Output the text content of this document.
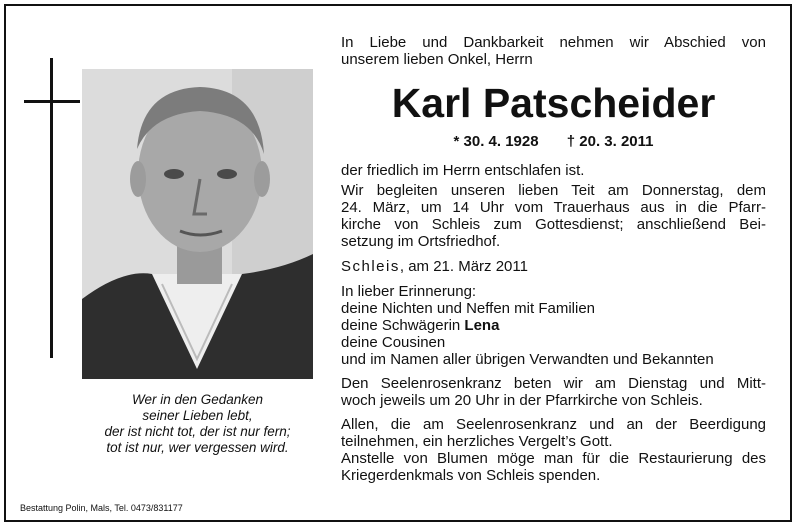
Wer in den Gedanken
seiner Lieben lebt,
der ist nicht tot, der ist nur fern;
tot ist nur, wer vergessen wird.
Bestattung Polin, Mals, Tel. 0473/831177
In Liebe und Dankbarkeit nehmen wir Abschied von
unserem lieben Onkel, Herrn
Karl Patscheider
* 30. 4. 1928 † 20. 3. 2011
der friedlich im Herrn entschlafen ist.
Wir begleiten unseren lieben Teit am Donnerstag, dem
24. März, um 14 Uhr vom Trauerhaus aus in die Pfarr-
kirche von Schleis zum Gottesdienst; anschließend Bei-
setzung im Ortsfriedhof.
Schleis, am 21. März 2011
In lieber Erinnerung:
deine Nichten und Neffen mit Familien
deine Schwägerin Lena
deine Cousinen
und im Namen aller übrigen Verwandten und Bekannten
Den Seelenrosenkranz beten wir am Dienstag und Mitt-
woch jeweils um 20 Uhr in der Pfarrkirche von Schleis.
Allen, die am Seelenrosenkranz und an der Beerdigung
teilnehmen, ein herzliches Vergelt’s Gott.
Anstelle von Blumen möge man für die Restaurierung des
Kriegerdenkmals von Schleis spenden.
